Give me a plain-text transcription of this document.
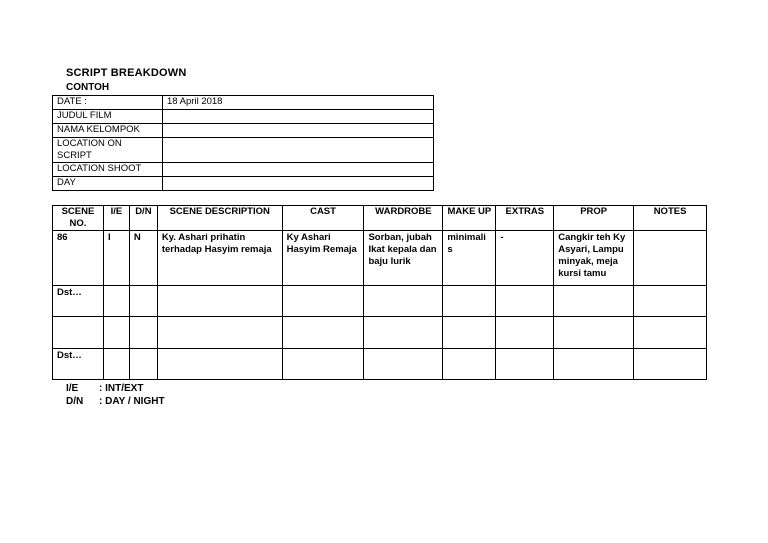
SCRIPT BREAKDOWN
CONTOH
DATE :	18 April 2018
JUDUL FILM	
NAMA KELOMPOK	
LOCATION ON SCRIPT	
LOCATION SHOOT	
DAY	
SCENE NO.	I/E	D/N	SCENE DESCRIPTION	CAST	WARDROBE	MAKE UP	EXTRAS	PROP	NOTES
86	I	N	Ky. Ashari prihatin terhadap Hasyim remaja	Ky Ashari Hasyim Remaja	Sorban, jubah Ikat kepala dan baju lurik	minimali s	-	Cangkir teh Ky Asyari, Lampu minyak, meja kursi tamu	
Dst…									

Dst…									
I/E : INT/EXT
D/N : DAY / NIGHT
